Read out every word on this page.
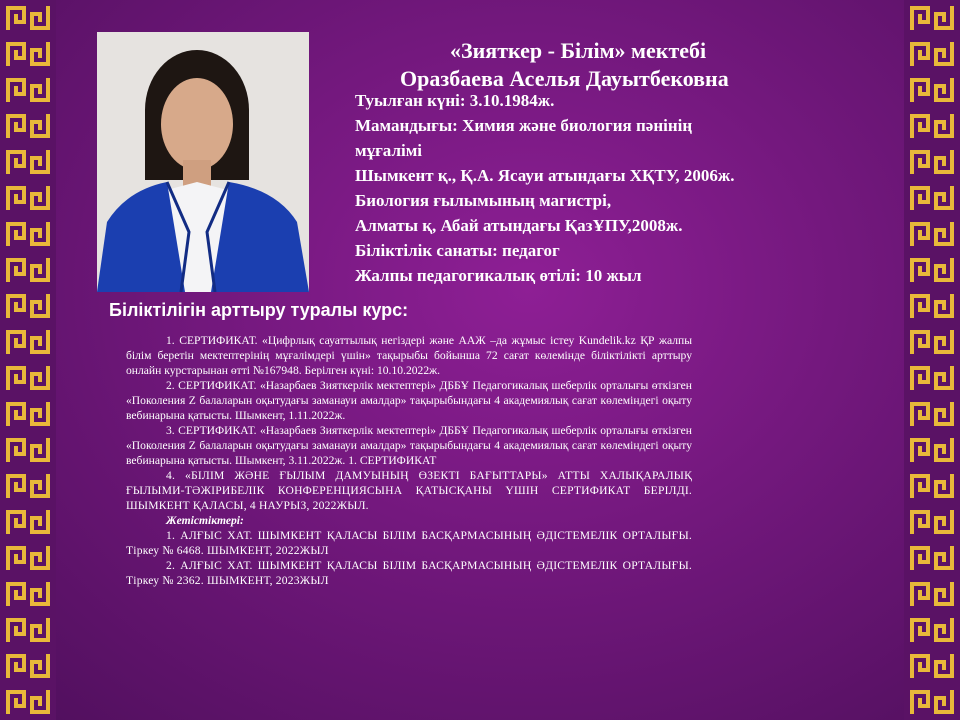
«Зияткер - Білім» мектебі
Оразбаева Аселья Дауытбековна
Туылған күні: 3.10.1984ж.
Мамандығы: Химия және биология пәнінің
мұғалімі
Шымкент қ., Қ.А. Ясауи атындағы ХҚТУ, 2006ж.
Биология ғылымының магистрі,
Алматы қ, Абай атындағы ҚазҰПУ,2008ж.
Біліктілік санаты: педагог
Жалпы педагогикалық өтілі: 10 жыл
Біліктілігін арттыру туралы курс:

1. СЕРТИФИКАТ. «Цифрлық сауаттылық негіздері және ААЖ –да жұмыс істеу Kundelik.kz ҚР жалпы білім беретін мектептерінің мұғалімдері үшін» тақырыбы бойынша 72 сағат көлемінде біліктілікті арттыру онлайн курстарынан өтті №167948. Берілген күні: 10.10.2022ж.

2. СЕРТИФИКАТ. «Назарбаев Зияткерлік мектептері» ДББҰ Педагогикалық шеберлік орталығы өткізген «Поколения Z балаларын оқытудағы заманауи амалдар» тақырыбындағы 4 академиялық сағат көлеміндегі оқыту вебинарына қатысты. Шымкент, 1.11.2022ж.

3. СЕРТИФИКАТ. «Назарбаев Зияткерлік мектептері» ДББҰ Педагогикалық шеберлік орталығы өткізген «Поколения Z балаларын оқытудағы заманауи амалдар» тақырыбындағы 4 академиялық сағат көлеміндегі оқыту вебинарына қатысты. Шымкент, 3.11.2022ж. 1. СЕРТИФИКАТ

4. «БІЛІМ ЖӘНЕ ҒЫЛЫМ ДАМУЫНЫҢ ӨЗЕКТІ БАҒЫТТАРЫ» АТТЫ ХАЛЫҚАРАЛЫҚ ҒЫЛЫМИ-ТӘЖІРИБЕЛІК КОНФЕРЕНЦИЯСЫНА ҚАТЫСҚАНЫ ҮШІН СЕРТИФИКАТ БЕРІЛДІ. ШЫМКЕНТ ҚАЛАСЫ, 4 НАУРЫЗ, 2022ЖЫЛ.

Жетістіктері:

1. АЛҒЫС ХАТ. ШЫМКЕНТ ҚАЛАСЫ БІЛІМ БАСҚАРМАСЫНЫҢ ӘДІСТЕМЕЛІК ОРТАЛЫҒЫ. Тіркеу № 6468. ШЫМКЕНТ, 2022ЖЫЛ

2. АЛҒЫС ХАТ. ШЫМКЕНТ ҚАЛАСЫ БІЛІМ БАСҚАРМАСЫНЫҢ ӘДІСТЕМЕЛІК ОРТАЛЫҒЫ. Тіркеу № 2362. ШЫМКЕНТ, 2023ЖЫЛ
